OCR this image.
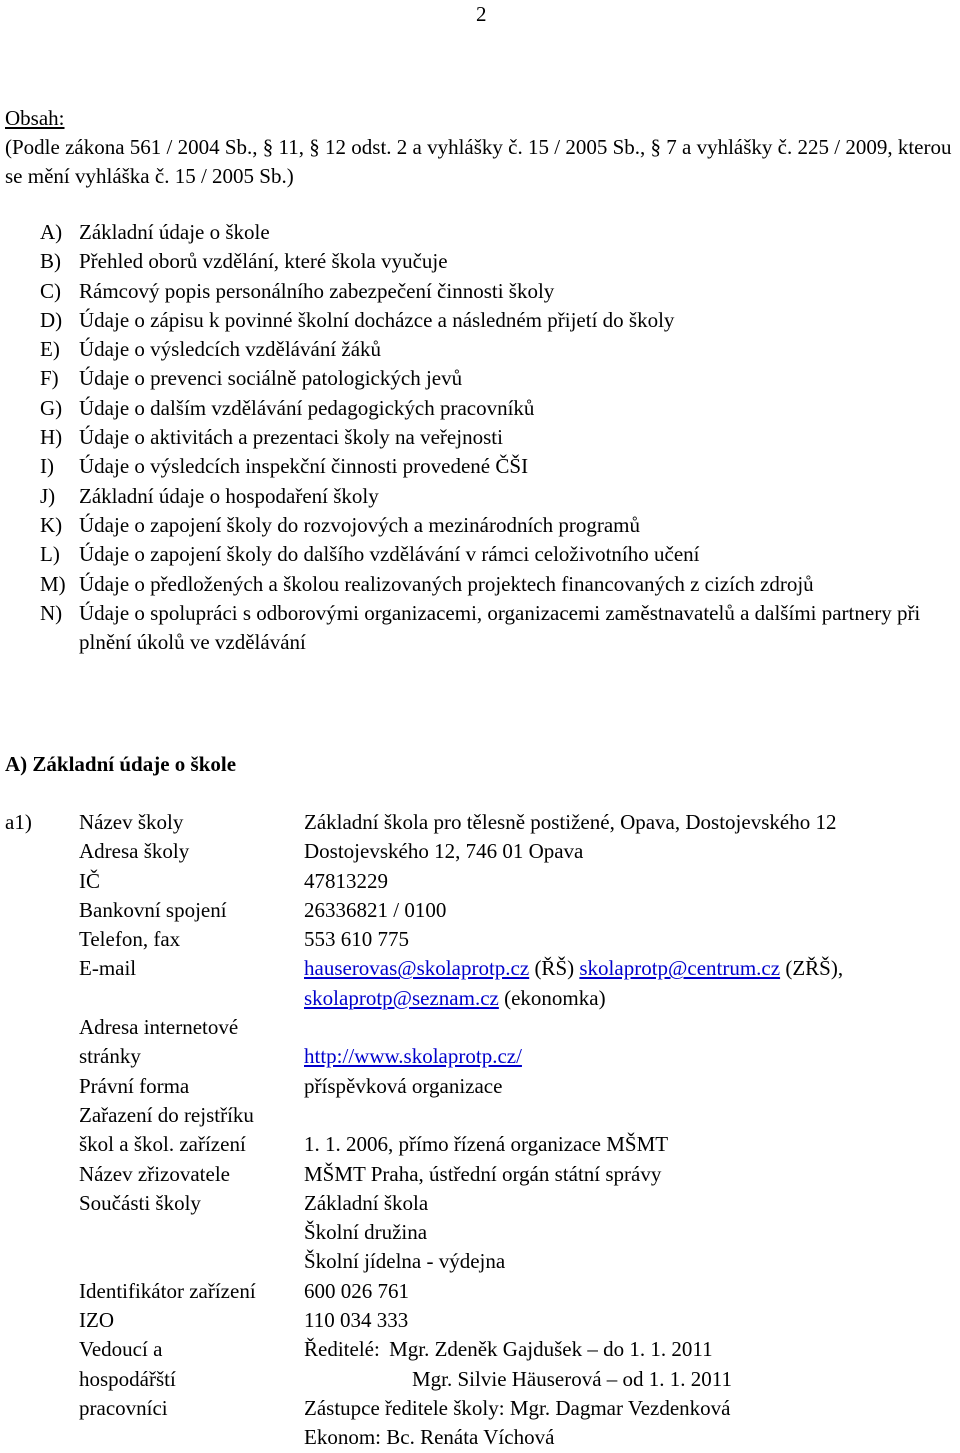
2
Obsah:
(Podle zákona 561 / 2004 Sb., § 11, § 12 odst. 2 a vyhlášky č. 15 / 2005 Sb., § 7 a vyhlášky č. 225 / 2009, kterou se mění vyhláška č. 15 / 2005 Sb.)
A) Základní údaje o škole
B) Přehled oborů vzdělání, které škola vyučuje
C) Rámcový popis personálního zabezpečení činnosti školy
D) Údaje o zápisu k povinné školní docházce a následném přijetí do školy
E) Údaje o výsledcích vzdělávání žáků
F) Údaje o prevenci sociálně patologických jevů
G) Údaje o dalším vzdělávání pedagogických pracovníků
H) Údaje o aktivitách a prezentaci školy na veřejnosti
I)	Údaje o výsledcích inspekční činnosti provedené ČŠI
J)	Základní údaje o hospodaření školy
K) Údaje o zapojení školy do rozvojových a mezinárodních programů
L) Údaje o zapojení školy do dalšího vzdělávání v rámci celoživotního učení
M) Údaje o předložených a školou realizovaných projektech financovaných z cizích zdrojů
N) Údaje o spolupráci s odborovými organizacemi, organizacemi zaměstnavatelů a dalšími partnery při plnění úkolů ve vzdělávání
A) Základní údaje o škole
a1) Název školy	Základní škola pro tělesně postižené, Opava, Dostojevského 12
Adresa školy	Dostojevského 12, 746 01 Opava
IČ	47813229
Bankovní spojení	26336821 / 0100
Telefon, fax	553 610 775
E-mail	hauserovas@skolaprotp.cz (ŘŠ) skolaprotp@centrum.cz (ZŘŠ),
skolaprotp@seznam.cz (ekonomka)
Adresa internetové
stránky	http://www.skolaprotp.cz/
Právní forma	příspěvková organizace
Zařazení do rejstříku
škol a škol. zařízení	1. 1. 2006, přímo řízená organizace MŠMT
Název zřizovatele	MŠMT Praha, ústřední orgán státní správy
Součásti školy	Základní škola
Školní družina
Školní jídelna - výdejna
Identifikátor zařízení	600 026 761
IZO	110 034 333
Vedoucí a
hospodářští
pracovníci	Ředitelé: Mgr. Zdeněk Gajdušek – do 1. 1. 2011
Mgr. Silvie Häuserová – od 1. 1. 2011
Zástupce ředitele školy: Mgr. Dagmar Vezdenková
Ekonom: Bc. Renáta Víchová
